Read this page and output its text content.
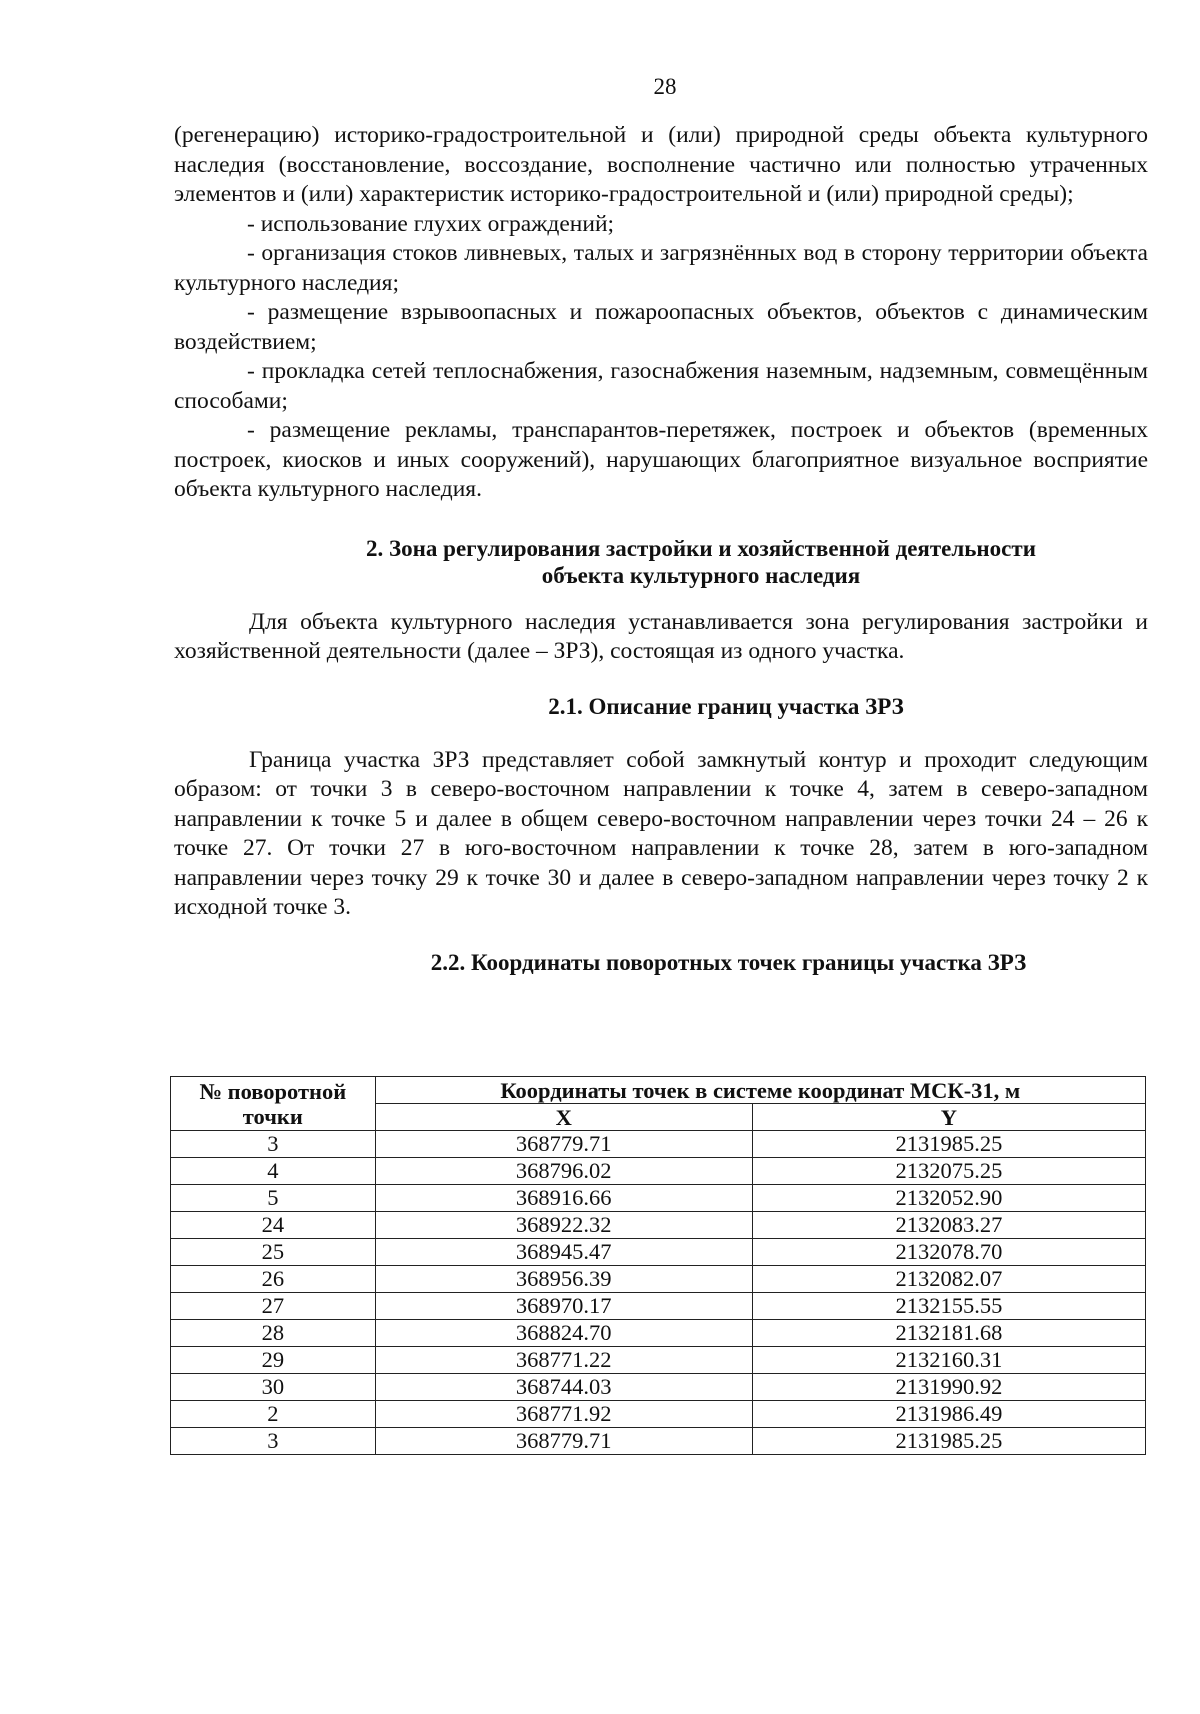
28

(регенерацию) историко-градостроительной и (или) природной среды объекта культурного наследия (восстановление, воссоздание, восполнение частично или полностью утраченных элементов и (или) характеристик историко-градостроительной и (или) природной среды);

- использование глухих ограждений;

- организация стоков ливневых, талых и загрязнённых вод в сторону территории объекта культурного наследия;

- размещение взрывоопасных и пожароопасных объектов, объектов с динамическим воздействием;

- прокладка сетей теплоснабжения, газоснабжения наземным, надземным, совмещённым способами;

- размещение рекламы, транспарантов-перетяжек, построек и объектов (временных построек, киосков и иных сооружений), нарушающих благоприятное визуальное восприятие объекта культурного наследия.

2. Зона регулирования застройки и хозяйственной деятельности
объекта культурного наследия

Для объекта культурного наследия устанавливается зона регулирования застройки и хозяйственной деятельности (далее – ЗРЗ), состоящая из одного участка.

2.1. Описание границ участка ЗРЗ

Граница участка ЗРЗ представляет собой замкнутый контур и проходит следующим образом: от точки 3 в северо-восточном направлении к точке 4, затем в северо-западном направлении к точке 5 и далее в общем северо-восточном направлении через точки 24 – 26 к точке 27. От точки 27 в юго-восточном направлении к точке 28, затем в юго-западном направлении через точку 29 к точке 30 и далее в северо-западном направлении через точку 2 к исходной точке 3.

2.2. Координаты поворотных точек границы участка ЗРЗ
№ поворотной точки	Координаты точек в системе координат МСК-31, м	
	X	Y
3	368779.71	2131985.25
4	368796.02	2132075.25
5	368916.66	2132052.90
24	368922.32	2132083.27
25	368945.47	2132078.70
26	368956.39	2132082.07
27	368970.17	2132155.55
28	368824.70	2132181.68
29	368771.22	2132160.31
30	368744.03	2131990.92
2	368771.92	2131986.49
3	368779.71	2131985.25
